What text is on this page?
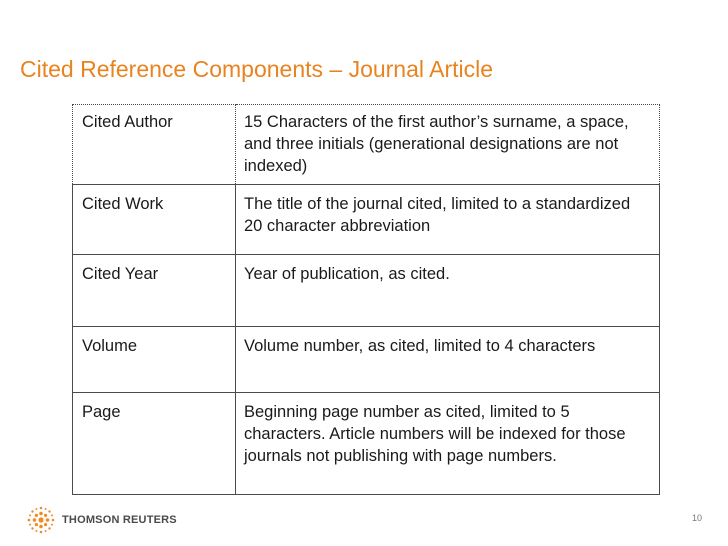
Cited Reference Components – Journal Article
Cited Author	15 Characters of the first author’s surname, a space, and three initials (generational designations are not indexed)
Cited Work	The title of the journal cited, limited to a standardized 20 character abbreviation
Cited Year	Year of publication, as cited.
Volume	Volume number, as cited, limited to 4 characters
Page	Beginning page number as cited, limited to 5 characters. Article numbers will be indexed for those journals not publishing with page numbers.
THOMSON REUTERS	10
